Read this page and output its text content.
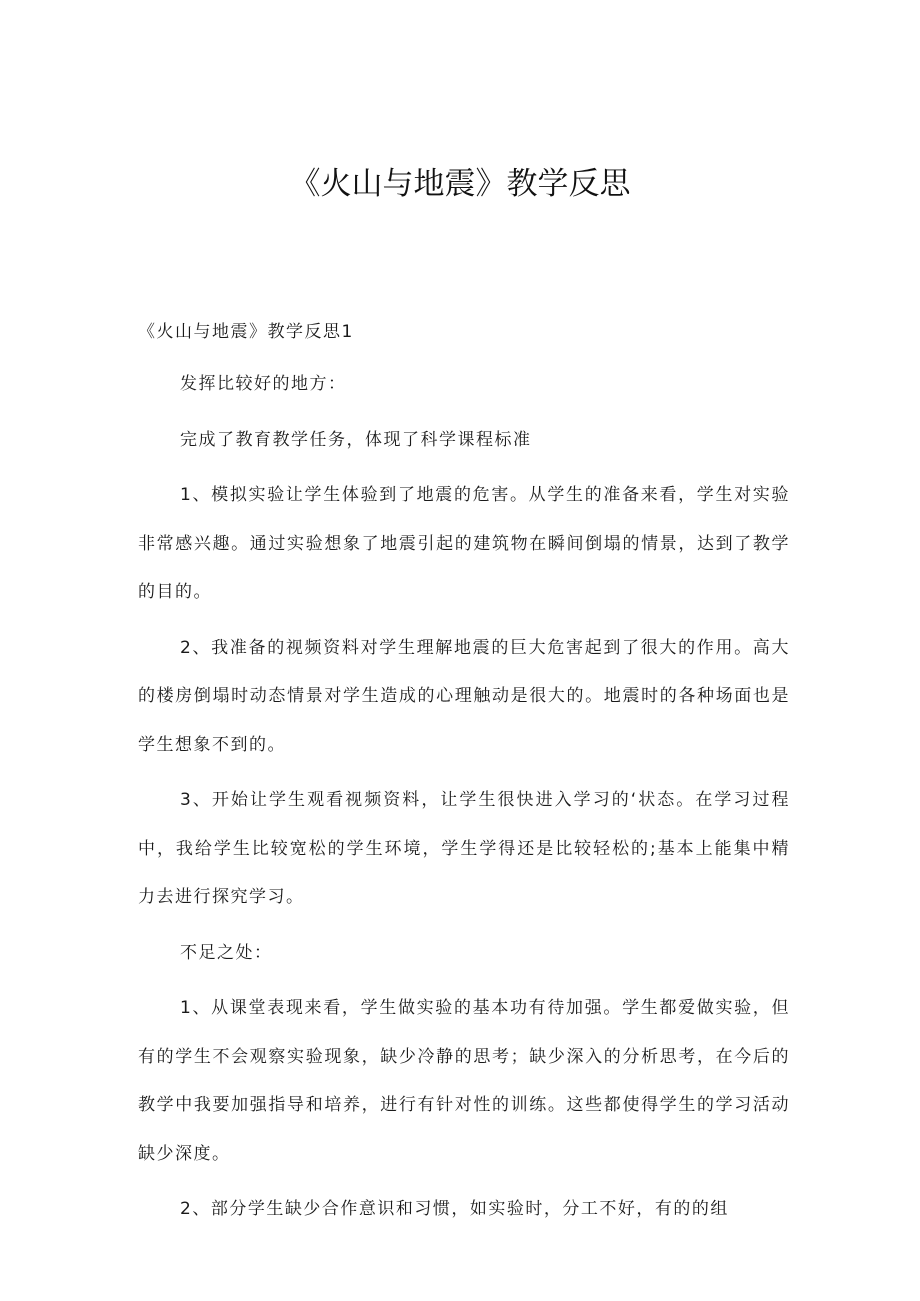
《火山与地震》教学反思
《火山与地震》教学反思1

发挥比较好的地方：

完成了教育教学任务，体现了科学课程标准

1、模拟实验让学生体验到了地震的危害。从学生的准备来看，学生对实验非常感兴趣。通过实验想象了地震引起的建筑物在瞬间倒塌的情景，达到了教学的目的。

2、我准备的视频资料对学生理解地震的巨大危害起到了很大的作用。高大的楼房倒塌时动态情景对学生造成的心理触动是很大的。地震时的各种场面也是学生想象不到的。

3、开始让学生观看视频资料，让学生很快进入学习的‘状态。在学习过程中，我给学生比较宽松的学生环境，学生学得还是比较轻松的;基本上能集中精力去进行探究学习。

不足之处：

1、从课堂表现来看，学生做实验的基本功有待加强。学生都爱做实验，但有的学生不会观察实验现象，缺少冷静的思考；缺少深入的分析思考，在今后的教学中我要加强指导和培养，进行有针对性的训练。这些都使得学生的学习活动缺少深度。

2、部分学生缺少合作意识和习惯，如实验时，分工不好，有的的组
